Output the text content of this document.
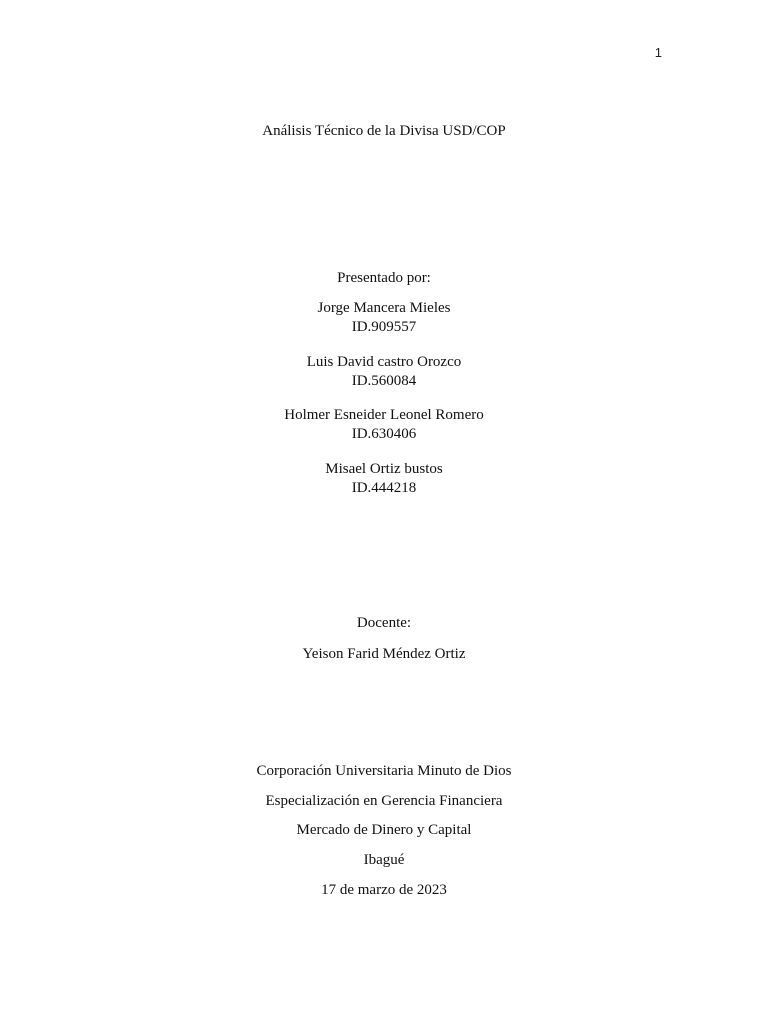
1
Análisis Técnico de la Divisa USD/COP
Presentado por:
Jorge Mancera Mieles
ID.909557
Luis David castro Orozco
ID.560084
Holmer Esneider Leonel Romero
ID.630406
Misael Ortiz bustos
ID.444218
Docente:
Yeison Farid Méndez Ortiz
Corporación Universitaria Minuto de Dios
Especialización en Gerencia Financiera
Mercado de Dinero y Capital
Ibagué
17 de marzo de 2023
